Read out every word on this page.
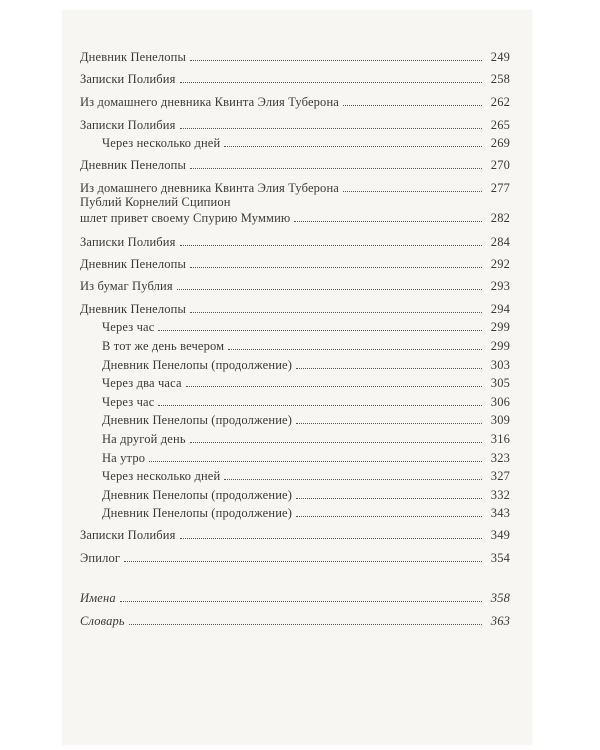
Дневник Пенелопы	249
Записки Полибия	258
Из домашнего дневника Квинта Элия Туберона	262
Записки Полибия	265
Через несколько дней	269
Дневник Пенелопы	270
Из домашнего дневника Квинта Элия Туберона	277
Публий Корнелий Сципион
шлет привет своему Спурию Муммию	282
Записки Полибия	284
Дневник Пенелопы	292
Из бумаг Публия	293
Дневник Пенелопы	294
Через час	299
В тот же день вечером	299
Дневник Пенелопы (продолжение)	303
Через два часа	305
Через час	306
Дневник Пенелопы (продолжение)	309
На другой день	316
На утро	323
Через несколько дней	327
Дневник Пенелопы (продолжение)	332
Дневник Пенелопы (продолжение)	343
Записки Полибия	349
Эпилог	354
Имена	358
Словарь	363
